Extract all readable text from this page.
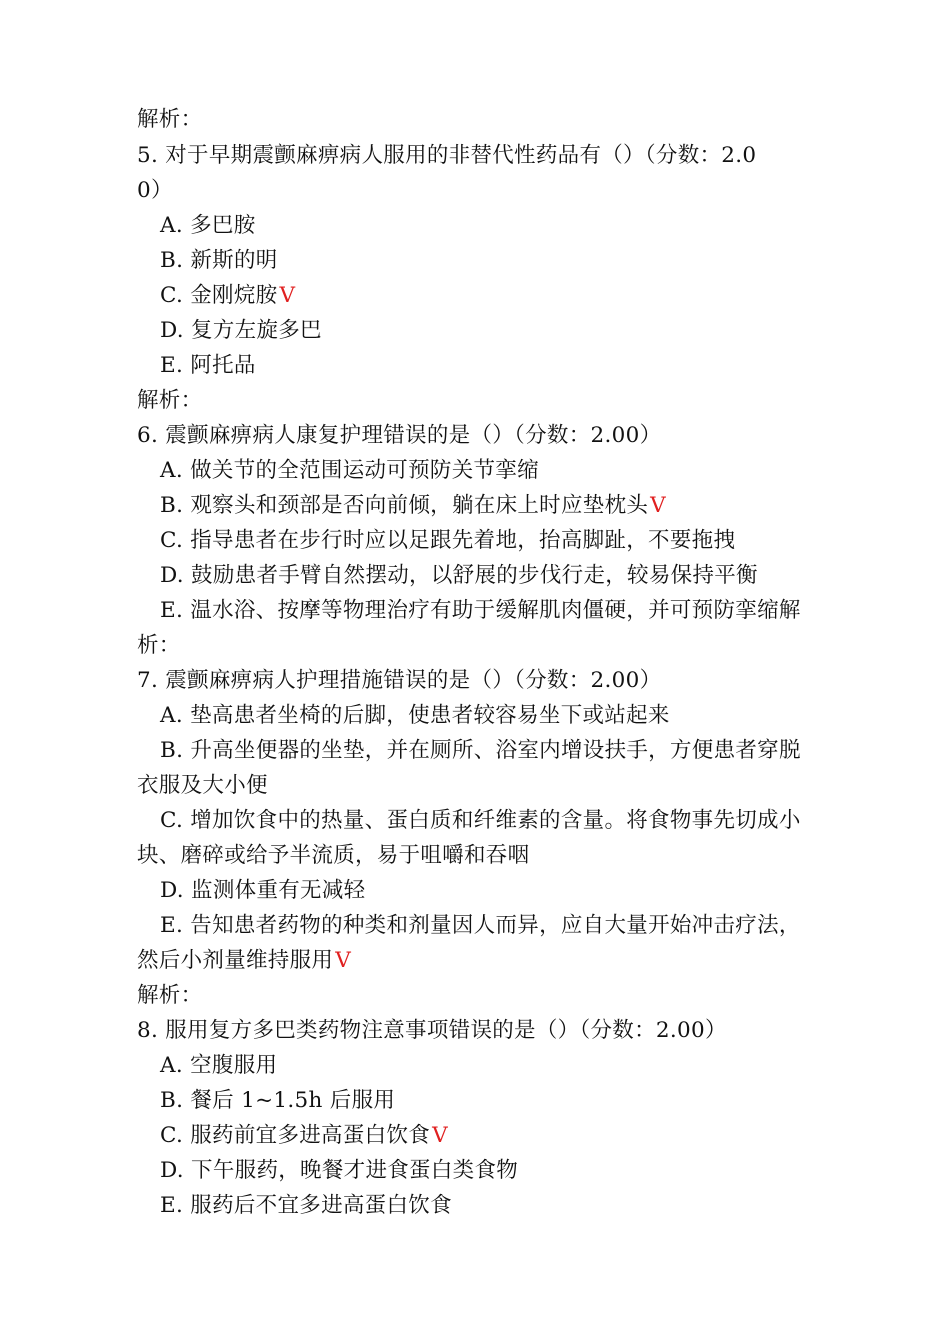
解析：
5. 对于早期震颤麻痹病人服用的非替代性药品有（）（分数：2.0
0）
A. 多巴胺
B. 新斯的明
C. 金刚烷胺V
D. 复方左旋多巴
E. 阿托品
解析：
6. 震颤麻痹病人康复护理错误的是（）（分数：2.00）
A. 做关节的全范围运动可预防关节挛缩
B. 观察头和颈部是否向前倾，躺在床上时应垫枕头V
C. 指导患者在步行时应以足跟先着地，抬高脚趾，不要拖拽
D. 鼓励患者手臂自然摆动，以舒展的步伐行走，较易保持平衡
E. 温水浴、按摩等物理治疗有助于缓解肌肉僵硬，并可预防挛缩解
析：
7. 震颤麻痹病人护理措施错误的是（）（分数：2.00）
A. 垫高患者坐椅的后脚，使患者较容易坐下或站起来
B. 升高坐便器的坐垫，并在厕所、浴室内增设扶手，方便患者穿脱
衣服及大小便
C. 增加饮食中的热量、蛋白质和纤维素的含量。将食物事先切成小
块、磨碎或给予半流质，易于咀嚼和吞咽
D. 监测体重有无减轻
E. 告知患者药物的种类和剂量因人而异，应自大量开始冲击疗法，
然后小剂量维持服用V
解析：
8. 服用复方多巴类药物注意事项错误的是（）（分数：2.00）
A. 空腹服用
B. 餐后 1~1.5h 后服用
C. 服药前宜多进高蛋白饮食V
D. 下午服药，晚餐才进食蛋白类食物
E. 服药后不宜多进高蛋白饮食
